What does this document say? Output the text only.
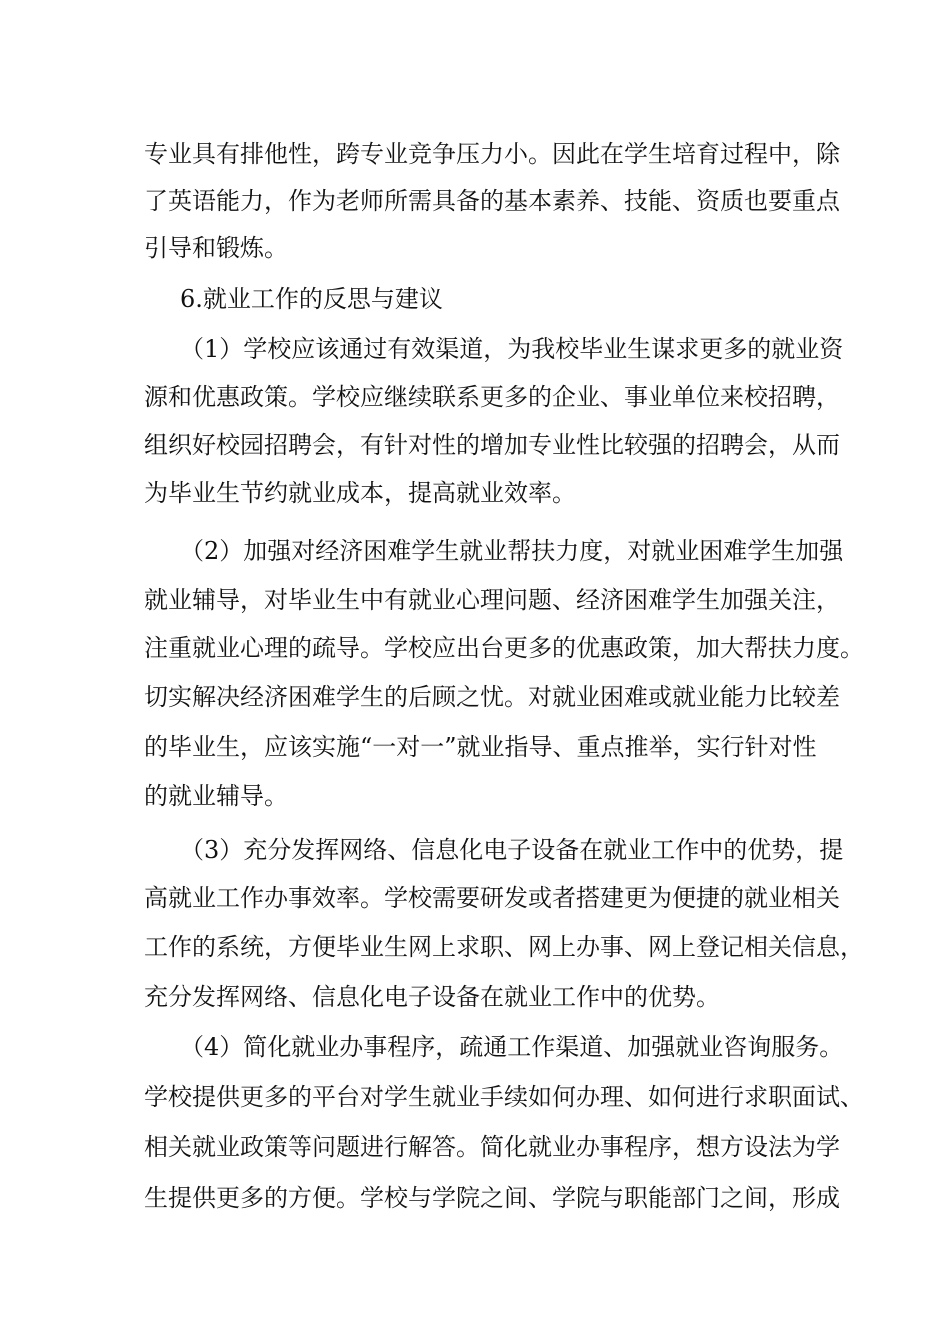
专业具有排他性，跨专业竞争压力小。因此在学生培育过程中，除
了英语能力，作为老师所需具备的基本素养、技能、资质也要重点
引导和锻炼。
6.就业工作的反思与建议
（1）学校应该通过有效渠道，为我校毕业生谋求更多的就业资
源和优惠政策。学校应继续联系更多的企业、事业单位来校招聘，
组织好校园招聘会，有针对性的增加专业性比较强的招聘会，从而
为毕业生节约就业成本，提高就业效率。
（2）加强对经济困难学生就业帮扶力度，对就业困难学生加强
就业辅导，对毕业生中有就业心理问题、经济困难学生加强关注，
注重就业心理的疏导。学校应出台更多的优惠政策，加大帮扶力度。
切实解决经济困难学生的后顾之忧。对就业困难或就业能力比较差
的毕业生，应该实施“一对一”就业指导、重点推举，实行针对性
的就业辅导。
（3）充分发挥网络、信息化电子设备在就业工作中的优势，提
高就业工作办事效率。学校需要研发或者搭建更为便捷的就业相关
工作的系统，方便毕业生网上求职、网上办事、网上登记相关信息，
充分发挥网络、信息化电子设备在就业工作中的优势。
（4）简化就业办事程序，疏通工作渠道、加强就业咨询服务。
学校提供更多的平台对学生就业手续如何办理、如何进行求职面试、
相关就业政策等问题进行解答。简化就业办事程序，想方设法为学
生提供更多的方便。学校与学院之间、学院与职能部门之间，形成
